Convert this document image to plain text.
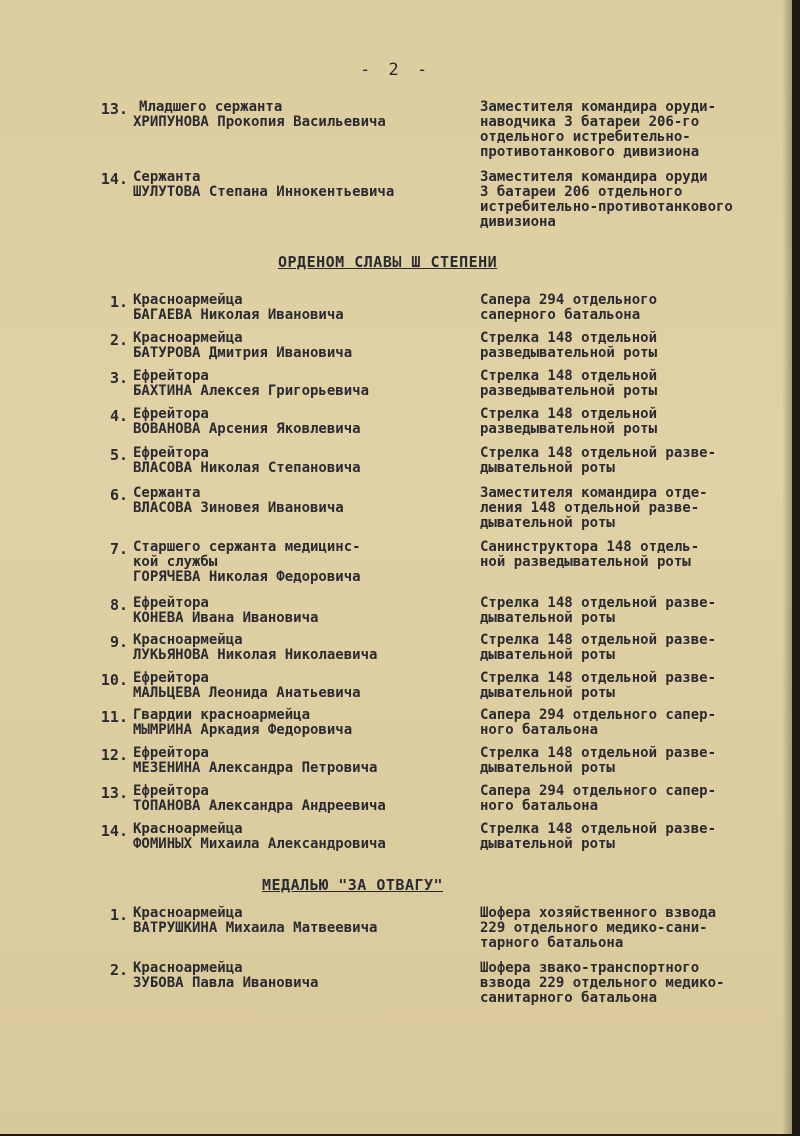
- 2 -
13. Младшего сержанта
ХРИПУНОВА Прокопия Васильевича
Заместителя командира оруди-
наводчика 3 батареи 206-го
отдельного истребительно-
противотанкового дивизиона
14. Сержанта
ШУЛУТОВА Степана Иннокентьевича
Заместителя командира оруди
3 батареи 206 отдельного
истребительно-противотанкового
дивизиона
ОРДЕНОМ СЛАВЫ Ш СТЕПЕНИ
1. Красноармейца
БАГАЕВА Николая Ивановича
Сапера 294 отдельного
саперного батальона
2. Красноармейца
БАТУРОВА Дмитрия Ивановича
Стрелка 148 отдельной
разведывательной роты
3. Ефрейтора
БАХТИНА Алексея Григорьевича
Стрелка 148 отдельной
разведывательной роты
4. Ефрейтора
ВОВАНОВА Арсения Яковлевича
Стрелка 148 отдельной
разведывательной роты
5. Ефрейтора
ВЛАСОВА Николая Степановича
Стрелка 148 отдельной разве-
дывательной роты
6. Сержанта
ВЛАСОВА Зиновея Ивановича
Заместителя командира отде-
ления 148 отдельной разве-
дывательной роты
7. Старшего сержанта медицинс-
кой службы
ГОРЯЧЕВА Николая Федоровича
Санинструктора 148 отдель-
ной разведывательной роты
8. Ефрейтора
КОНЕВА Ивана Ивановича
Стрелка 148 отдельной разве-
дывательной роты
9. Красноармейца
ЛУКЬЯНОВА Николая Николаевича
Стрелка 148 отдельной разве-
дывательной роты
10. Ефрейтора
МАЛЬЦЕВА Леонида Анатьевича
Стрелка 148 отдельной разве-
дывательной роты
11. Гвардии красноармейца
МЫМРИНА Аркадия Федоровича
Сапера 294 отдельного сапер-
ного батальона
12. Ефрейтора
МЕЗЕНИНА Александра Петровича
Стрелка 148 отдельной разве-
дывательной роты
13. Ефрейтора
ТОПАНОВА Александра Андреевича
Сапера 294 отдельного сапер-
ного батальона
14. Красноармейца
ФОМИНЫХ Михаила Александровича
Стрелка 148 отдельной разве-
дывательной роты
МЕДАЛЬЮ "ЗА ОТВАГУ"
1. Красноармейца
ВАТРУШКИНА Михаила Матвеевича
Шофера хозяйственного взвода
229 отдельного медико-сани-
тарного батальона
2. Красноармейца
ЗУБОВА Павла Ивановича
Шофера звако-транспортного
взвода 229 отдельного медико-
санитарного батальона
